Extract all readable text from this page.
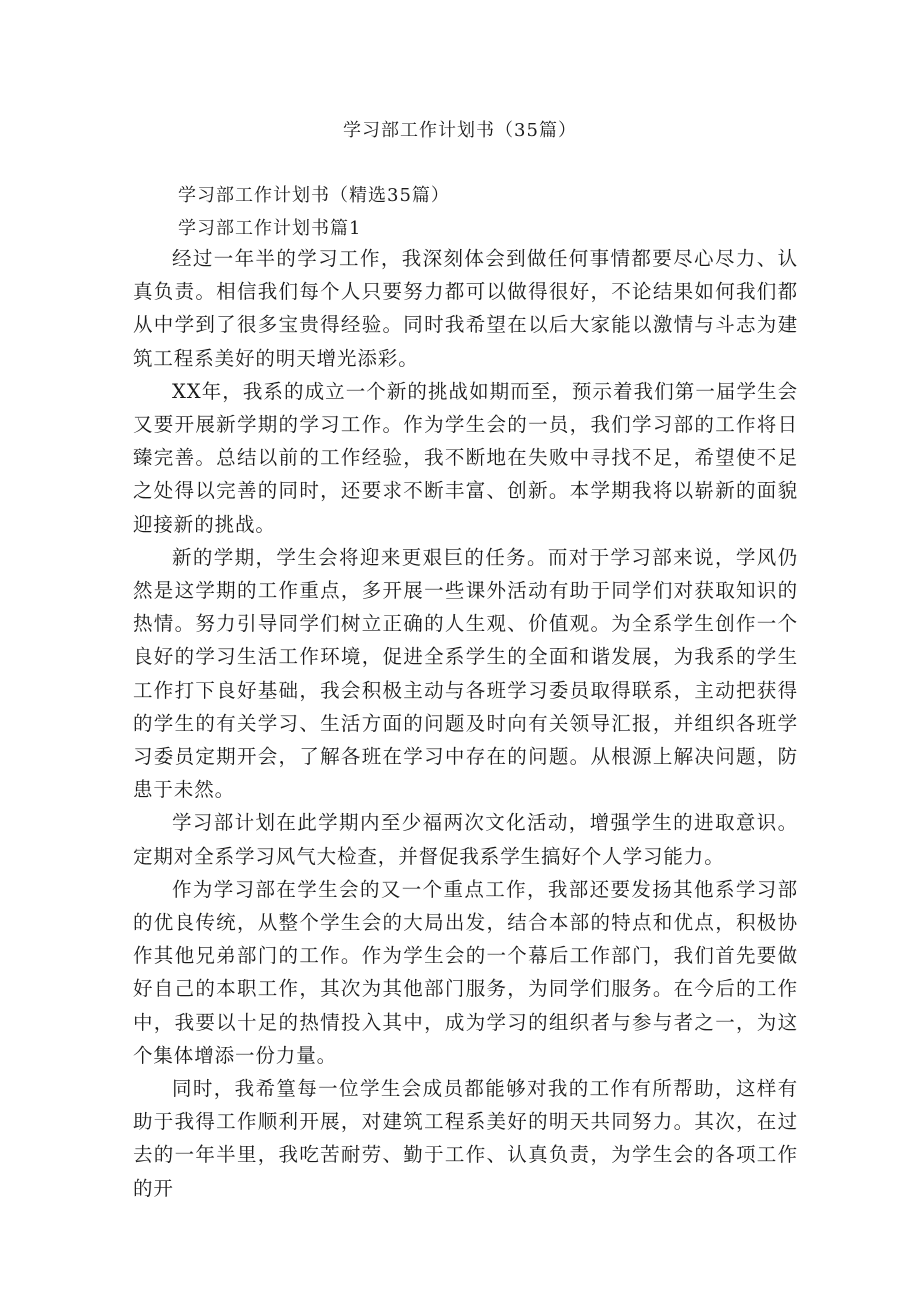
学习部工作计划书（35篇）
学习部工作计划书（精选35篇）
学习部工作计划书篇1

经过一年半的学习工作，我深刻体会到做任何事情都要尽心尽力、认真负责。相信我们每个人只要努力都可以做得很好，不论结果如何我们都从中学到了很多宝贵得经验。同时我希望在以后大家能以激情与斗志为建筑工程系美好的明天增光添彩。

XX年，我系的成立一个新的挑战如期而至，预示着我们第一届学生会又要开展新学期的学习工作。作为学生会的一员，我们学习部的工作将日臻完善。总结以前的工作经验，我不断地在失败中寻找不足，希望使不足之处得以完善的同时，还要求不断丰富、创新。本学期我将以崭新的面貌迎接新的挑战。

新的学期，学生会将迎来更艰巨的任务。而对于学习部来说，学风仍然是这学期的工作重点，多开展一些课外活动有助于同学们对获取知识的热情。努力引导同学们树立正确的人生观、价值观。为全系学生创作一个良好的学习生活工作环境，促进全系学生的全面和谐发展，为我系的学生工作打下良好基础，我会积极主动与各班学习委员取得联系，主动把获得的学生的有关学习、生活方面的问题及时向有关领导汇报，并组织各班学习委员定期开会，了解各班在学习中存在的问题。从根源上解决问题，防患于未然。

学习部计划在此学期内至少福两次文化活动，增强学生的进取意识。定期对全系学习风气大检查，并督促我系学生搞好个人学习能力。

作为学习部在学生会的又一个重点工作，我部还要发扬其他系学习部的优良传统，从整个学生会的大局出发，结合本部的特点和优点，积极协作其他兄弟部门的工作。作为学生会的一个幕后工作部门，我们首先要做好自己的本职工作，其次为其他部门服务，为同学们服务。在今后的工作中，我要以十足的热情投入其中，成为学习的组织者与参与者之一，为这个集体增添一份力量。

同时，我希篁每一位学生会成员都能够对我的工作有所帮助，这样有助于我得工作顺利开展，对建筑工程系美好的明天共同努力。其次，在过去的一年半里，我吃苦耐劳、勤于工作、认真负责，为学生会的各项工作的开
